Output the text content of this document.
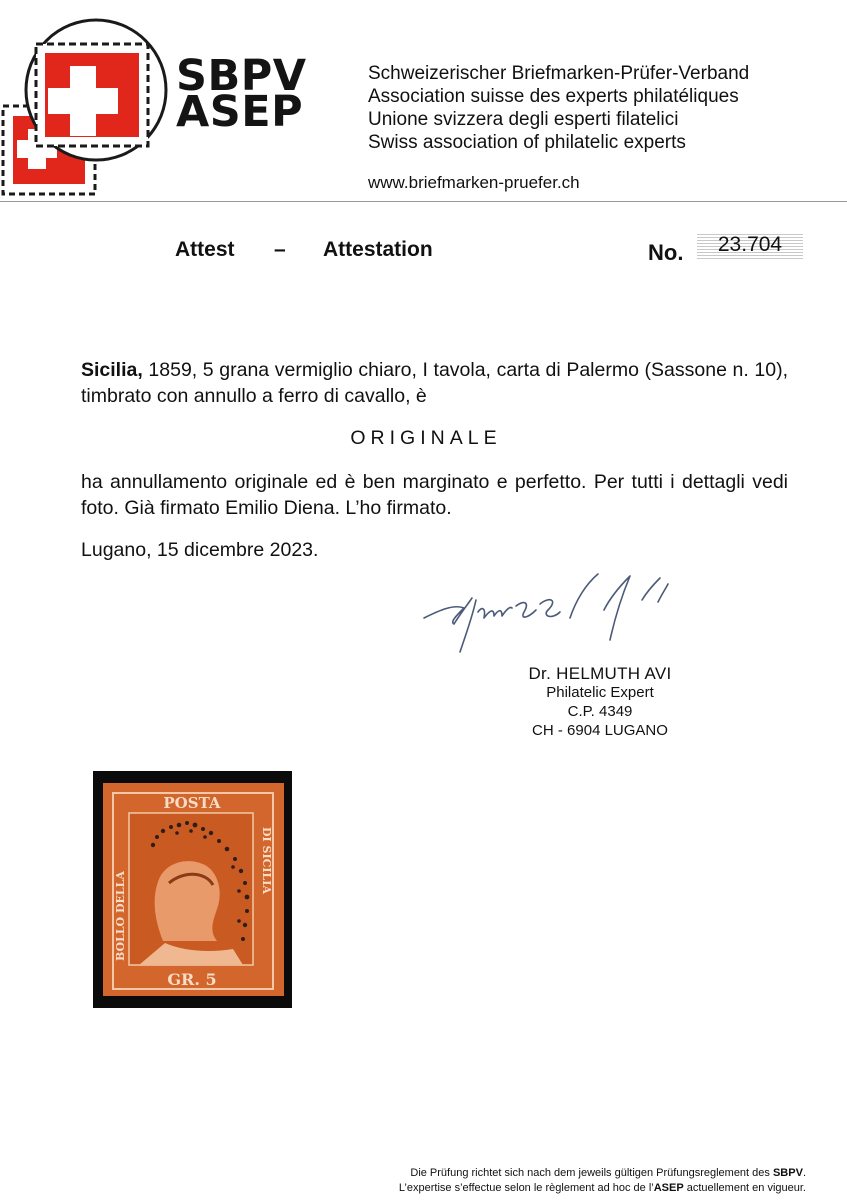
SBPV
ASEP
Schweizerischer Briefmarken-Prüfer-Verband
Association suisse des experts philatéliques
Unione svizzera degli esperti filatelici
Swiss association of philatelic experts
www.briefmarken-pruefer.ch
Attest – Attestation	No.	23.704
Sicilia, 1859, 5 grana vermiglio chiaro, I tavola, carta di Palermo (Sassone n. 10), timbrato con annullo a ferro di cavallo, è
ORIGINALE
ha annullamento originale ed è ben marginato e perfetto. Per tutti i dettagli vedi foto. Già firmato Emilio Diena. L’ho firmato.
Lugano, 15 dicembre 2023.
Dr. HELMUTH AVI
Philatelic Expert
C.P. 4349
CH - 6904 LUGANO
POSTA
GR. 5
BOLLO DELLA
DI SICILIA
Die Prüfung richtet sich nach dem jeweils gültigen Prüfungsreglement des SBPV.
L’expertise s’effectue selon le règlement ad hoc de l’ASEP actuellement en vigueur.
